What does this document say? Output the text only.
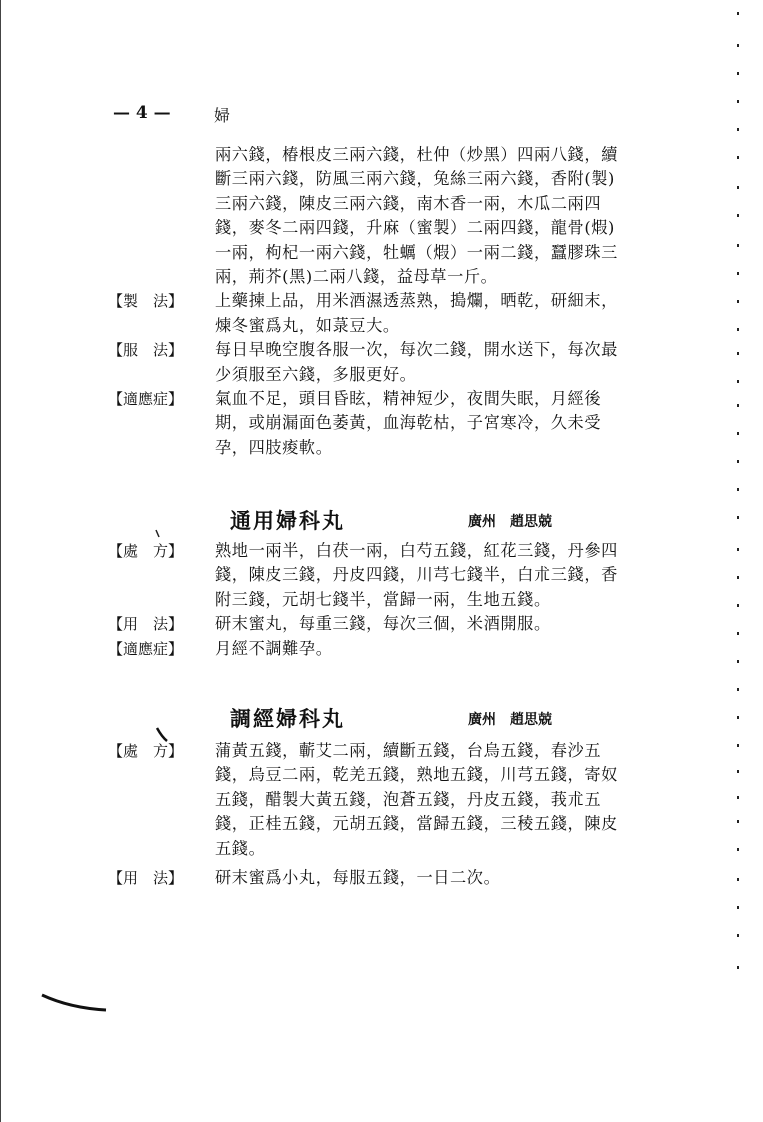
— 4 —	婦
兩六錢，椿根皮三兩六錢，杜仲（炒黑）四兩八錢，續
斷三兩六錢，防風三兩六錢，兔絲三兩六錢，香附(製)
三兩六錢，陳皮三兩六錢，南木香一兩，木瓜二兩四
錢，麥冬二兩四錢，升麻（蜜製）二兩四錢，龍骨(煆)
一兩，枸杞一兩六錢，牡蠣（煆）一兩二錢，蠶膠珠三
兩，荊芥(黑)二兩八錢，益母草一斤。
【製　法】 上藥揀上品，用米酒濕透蒸熟，搗爛，晒乾，研細末，
煉冬蜜爲丸，如菉豆大。
【服　法】 每日早晚空腹各服一次，每次二錢，開水送下，每次最
少須服至六錢，多服更好。
【適應症】 氣血不足，頭目昏眩，精神短少，夜間失眠，月經後
期，或崩漏面色萎黃，血海乾枯，子宮寒冷，久未受
孕，四肢痠軟。
【處　方】 熟地一兩半，白茯一兩，白芍五錢，紅花三錢，丹參四
錢，陳皮三錢，丹皮四錢，川芎七錢半，白朮三錢，香
附三錢，元胡七錢半，當歸一兩，生地五錢。
【用　法】 研末蜜丸，每重三錢，每次三個，米酒開服。
【適應症】 月經不調難孕。
【處　方】 蒲黃五錢，蘄艾二兩，續斷五錢，台烏五錢，春沙五
錢，烏豆二兩，乾羌五錢，熟地五錢，川芎五錢，寄奴
五錢，醋製大黃五錢，泡蒼五錢，丹皮五錢，莪朮五
錢，正桂五錢，元胡五錢，當歸五錢，三稜五錢，陳皮
五錢。
【用　法】 研末蜜爲小丸，每服五錢，一日二次。
通用婦科丸	廣州　趙思兢
調經婦科丸	廣州　趙思兢
